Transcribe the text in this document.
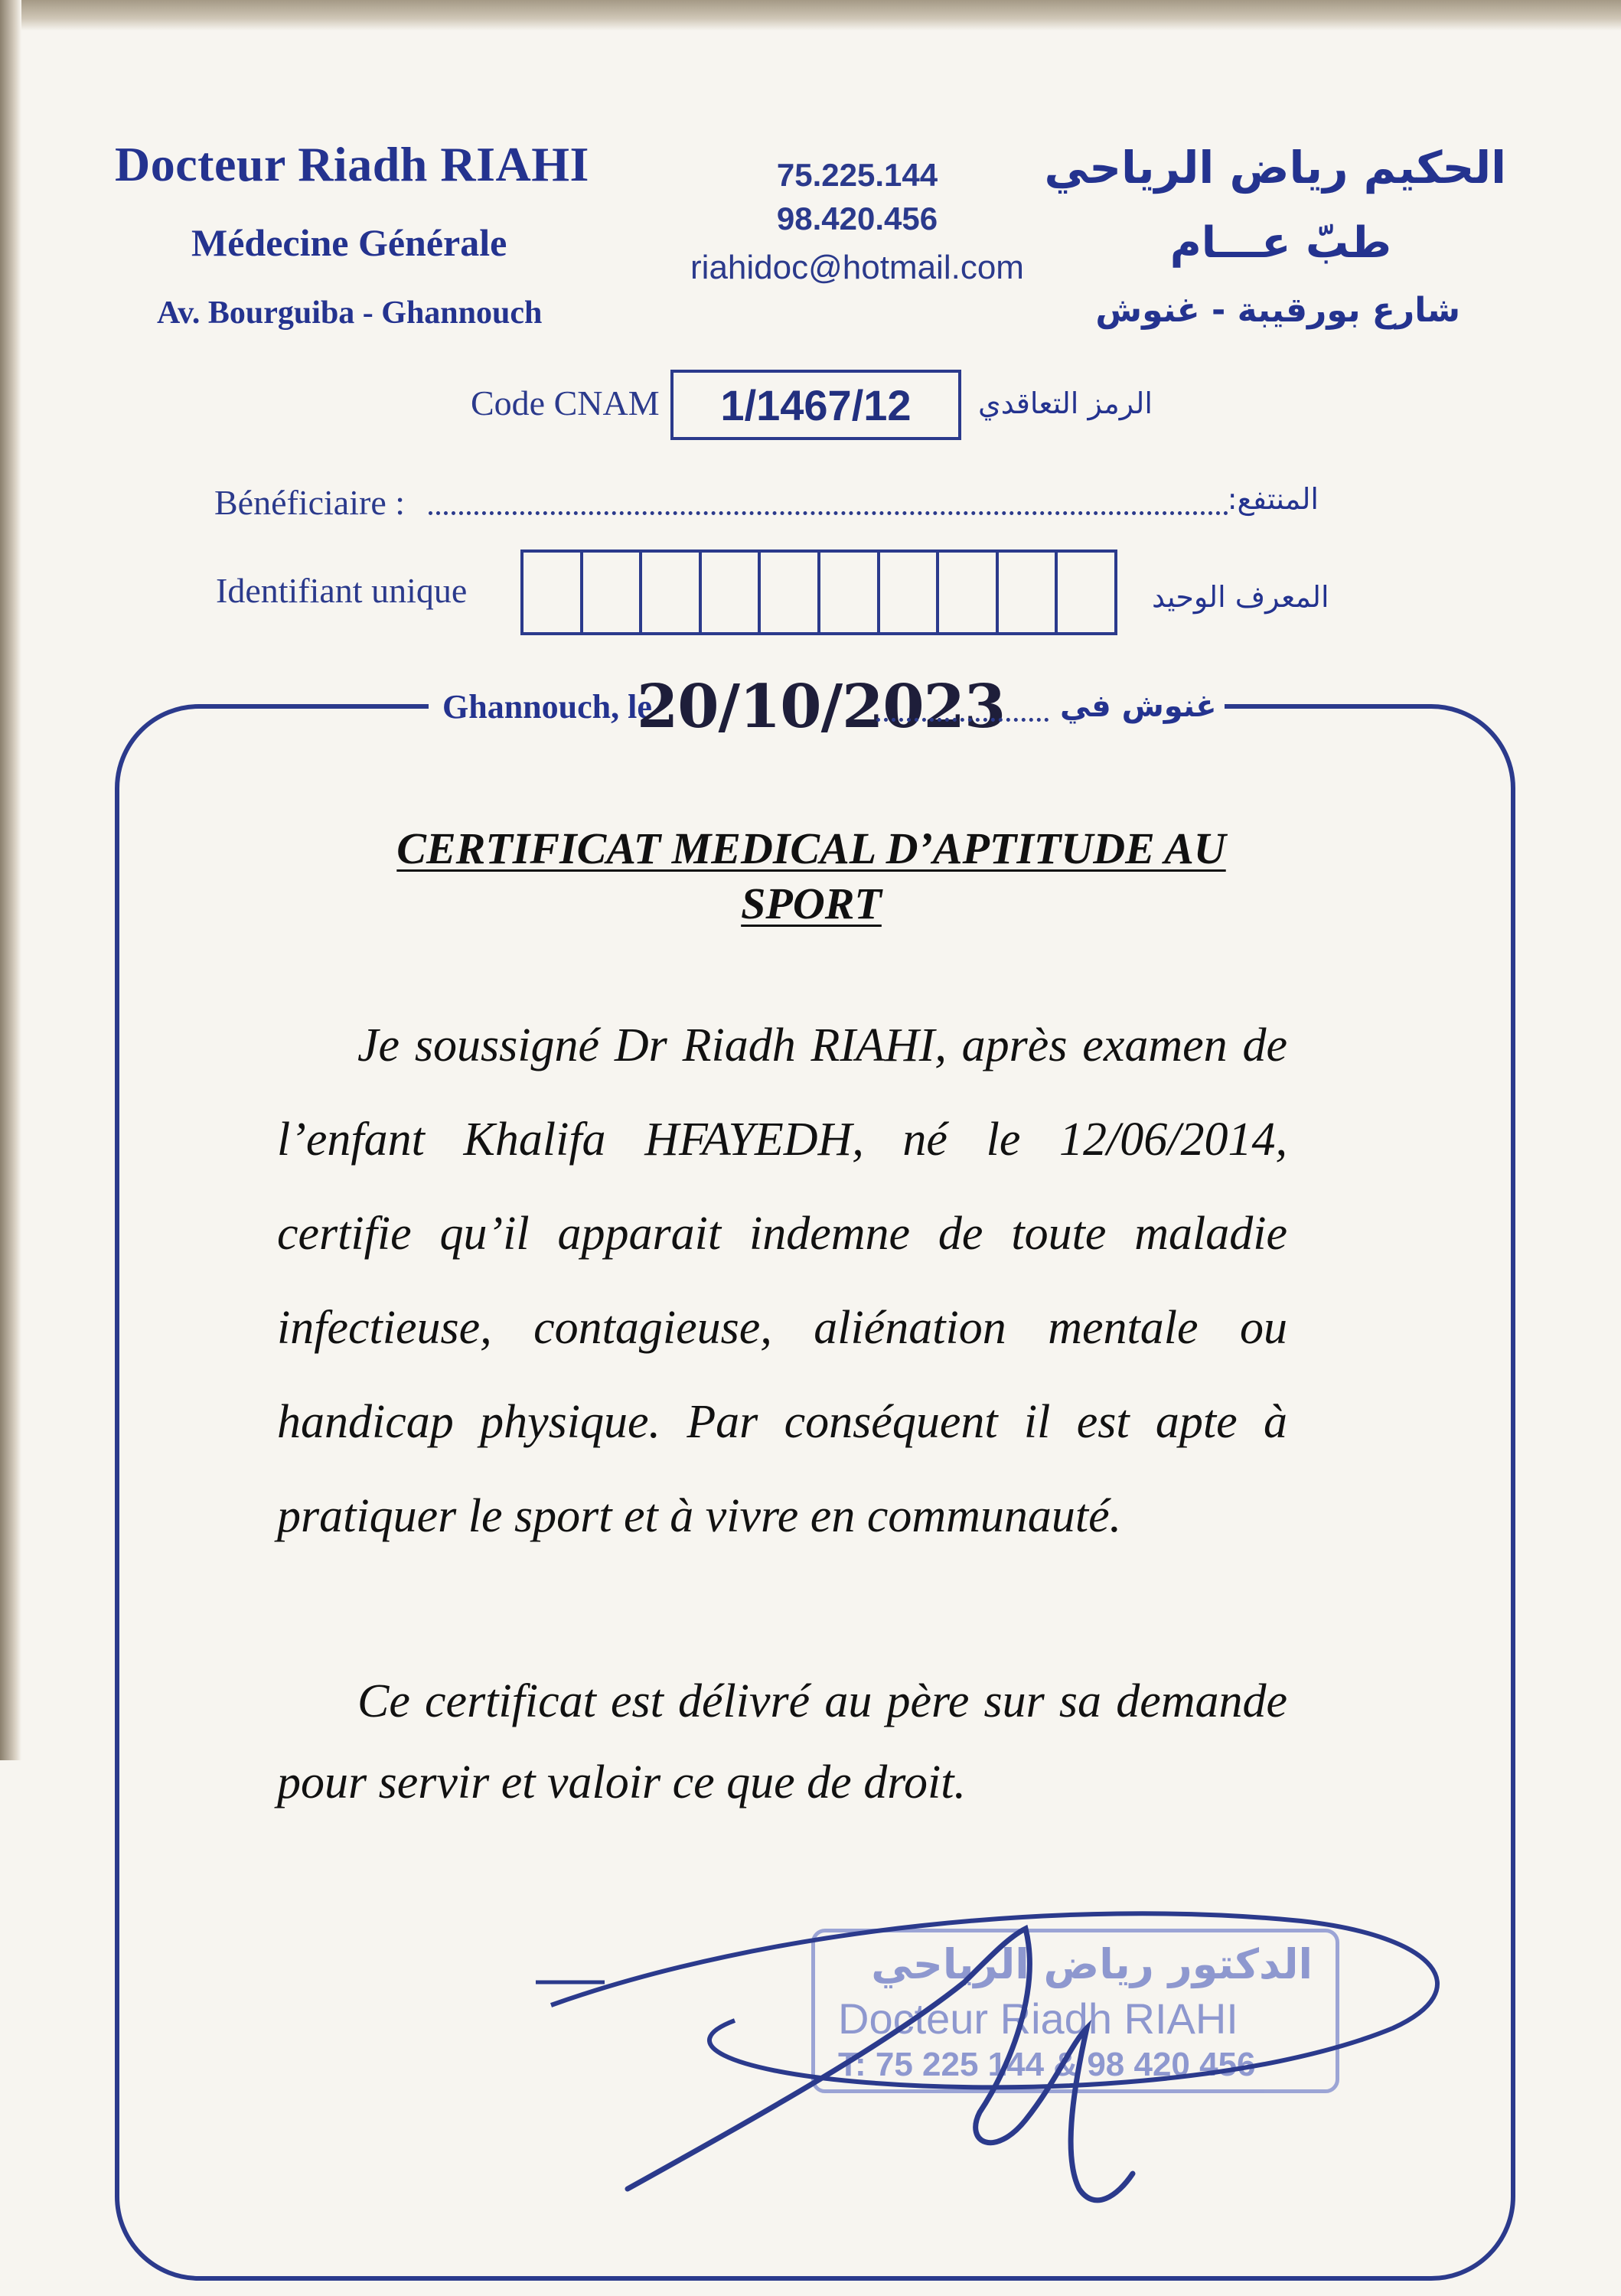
Docteur Riadh RIAHI
Médecine Générale
Av. Bourguiba - Ghannouch
75.225.144
98.420.456
riahidoc@hotmail.com
الحكيم رياض الرياحي
طبّ عـــام
شارع بورقيبة - غنوش
Code CNAM 1/1467/12 الرمز التعاقدي
Bénéficiaire :	المنتفع:
Identifiant unique	المعرف الوحيد
Ghannouch, le
20/10/2023 غنوش في
CERTIFICAT MEDICAL D’APTITUDE AU
SPORT
Je soussigné Dr Riadh RIAHI, après examen de l’enfant Khalifa HFAYEDH, né le 12/06/2014, certifie qu’il apparait indemne de toute maladie infectieuse, contagieuse, aliénation mentale ou handicap physique. Par conséquent il est apte à pratiquer le sport et à vivre en communauté.
Ce certificat est délivré au père sur sa demande pour servir et valoir ce que de droit.
الدكتور رياض الرياحي
Docteur Riadh RIAHI
T: 75 225 144 & 98 420 456
